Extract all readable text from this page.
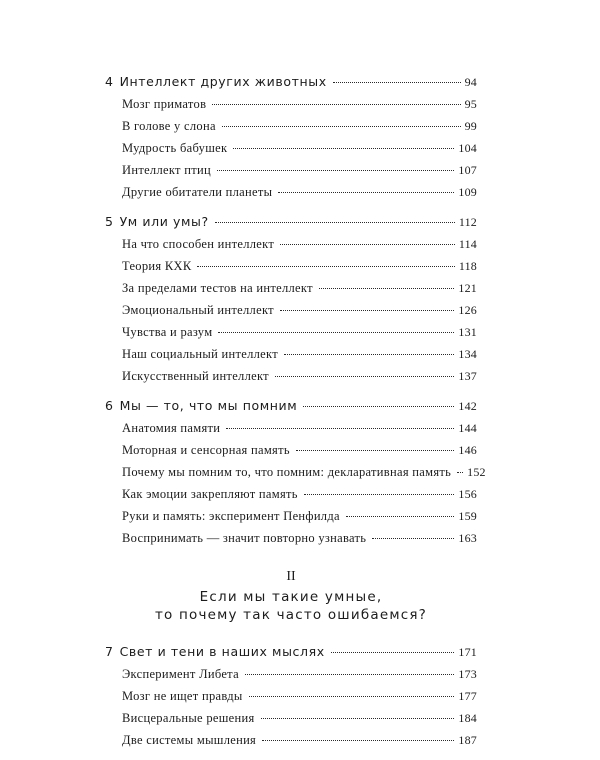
4 Интеллект других животных	94
Мозг приматов	95
В голове у слона	99
Мудрость бабушек	104
Интеллект птиц	107
Другие обитатели планеты	109
5 Ум или умы?	112
На что способен интеллект	114
Теория КХК	118
За пределами тестов на интеллект	121
Эмоциональный интеллект	126
Чувства и разум	131
Наш социальный интеллект	134
Искусственный интеллект	137
6 Мы — то, что мы помним	142
Анатомия памяти	144
Моторная и сенсорная память	146
Почему мы помним то, что помним: декларативная память 152
Как эмоции закрепляют память	156
Руки и память: эксперимент Пенфилда	159
Воспринимать — значит повторно узнавать	163
II
Если мы такие умные,
то почему так часто ошибаемся?
7 Свет и тени в наших мыслях	171
Эксперимент Либета	173
Мозг не ищет правды	177
Висцеральные решения	184
Две системы мышления	187
